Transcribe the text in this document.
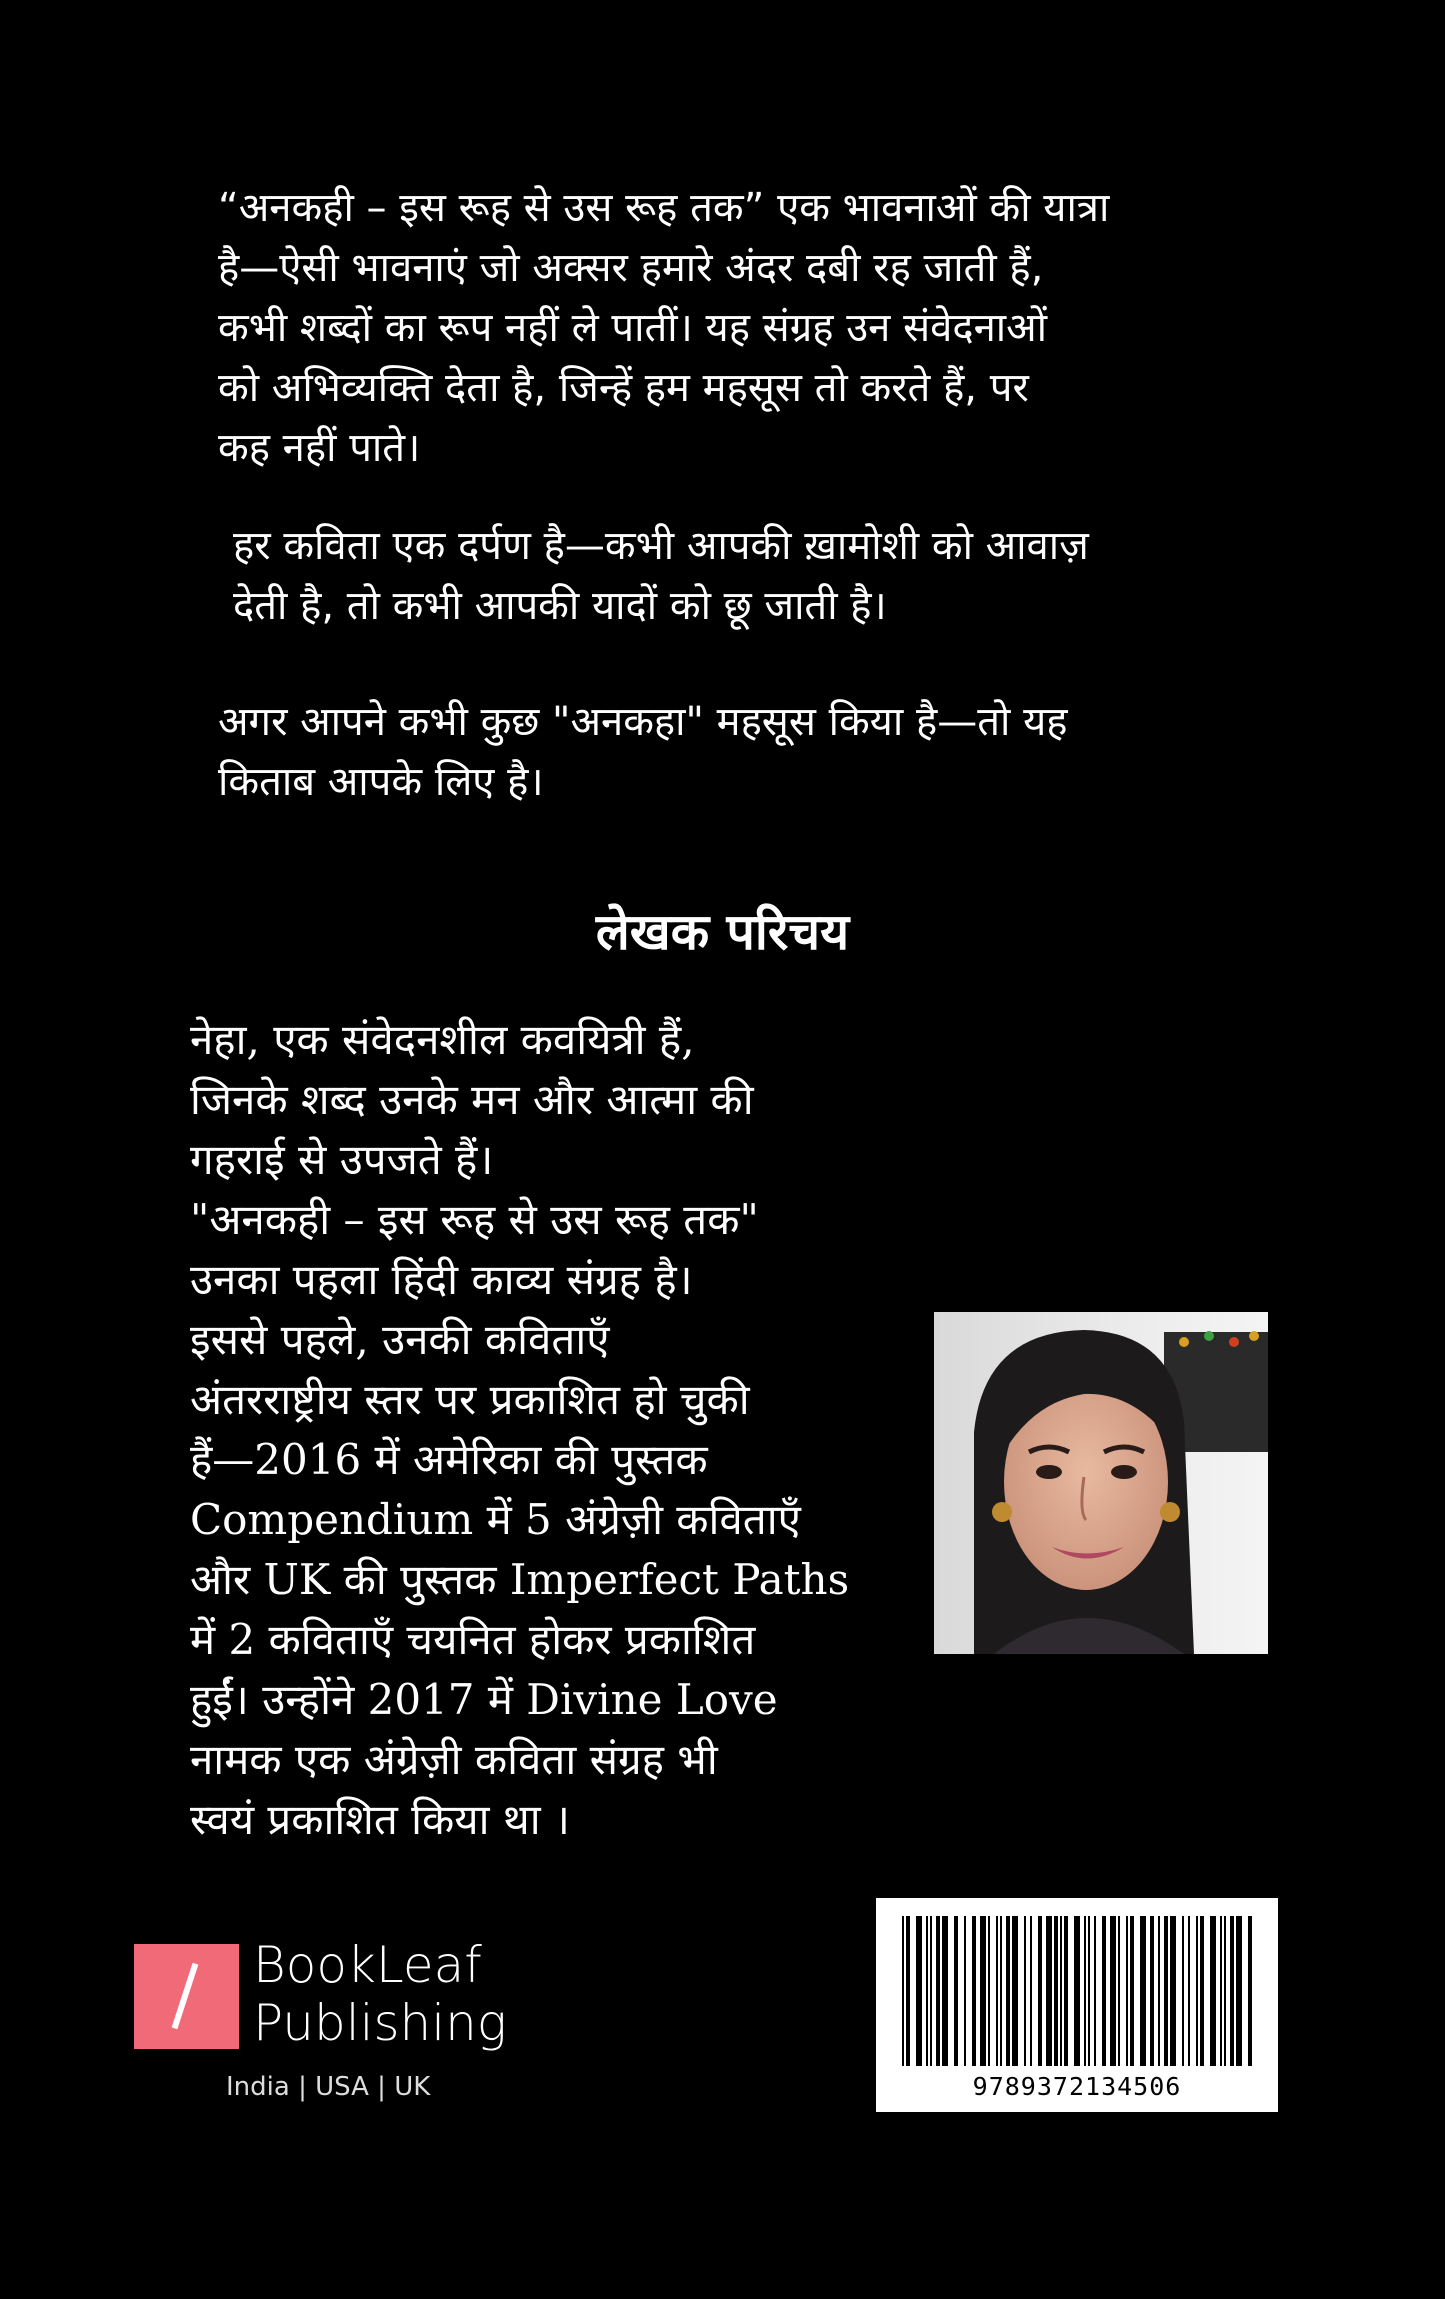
“अनकही – इस रूह से उस रूह तक” एक भावनाओं की यात्रा
है—ऐसी भावनाएं जो अक्सर हमारे अंदर दबी रह जाती हैं,
कभी शब्दों का रूप नहीं ले पातीं। यह संग्रह उन संवेदनाओं
को अभिव्यक्ति देता है, जिन्हें हम महसूस तो करते हैं, पर
कह नहीं पाते।
हर कविता एक दर्पण है—कभी आपकी ख़ामोशी को आवाज़
देती है, तो कभी आपकी यादों को छू जाती है।
अगर आपने कभी कुछ "अनकहा" महसूस किया है—तो यह
किताब आपके लिए है।
लेखक परिचय
नेहा, एक संवेदनशील कवयित्री हैं,
जिनके शब्द उनके मन और आत्मा की
गहराई से उपजते हैं।
"अनकही – इस रूह से उस रूह तक"
उनका पहला हिंदी काव्य संग्रह है।
इससे पहले, उनकी कविताएँ
अंतरराष्ट्रीय स्तर पर प्रकाशित हो चुकी
हैं—2016 में अमेरिका की पुस्तक
Compendium में 5 अंग्रेज़ी कविताएँ
और UK की पुस्तक Imperfect Paths
में 2 कविताएँ चयनित होकर प्रकाशित
हुईं। उन्होंने 2017 में Divine Love
नामक एक अंग्रेज़ी कविता संग्रह भी
स्वयं प्रकाशित किया था ।
BookLeaf
Publishing
India | USA | UK	9789372134506
